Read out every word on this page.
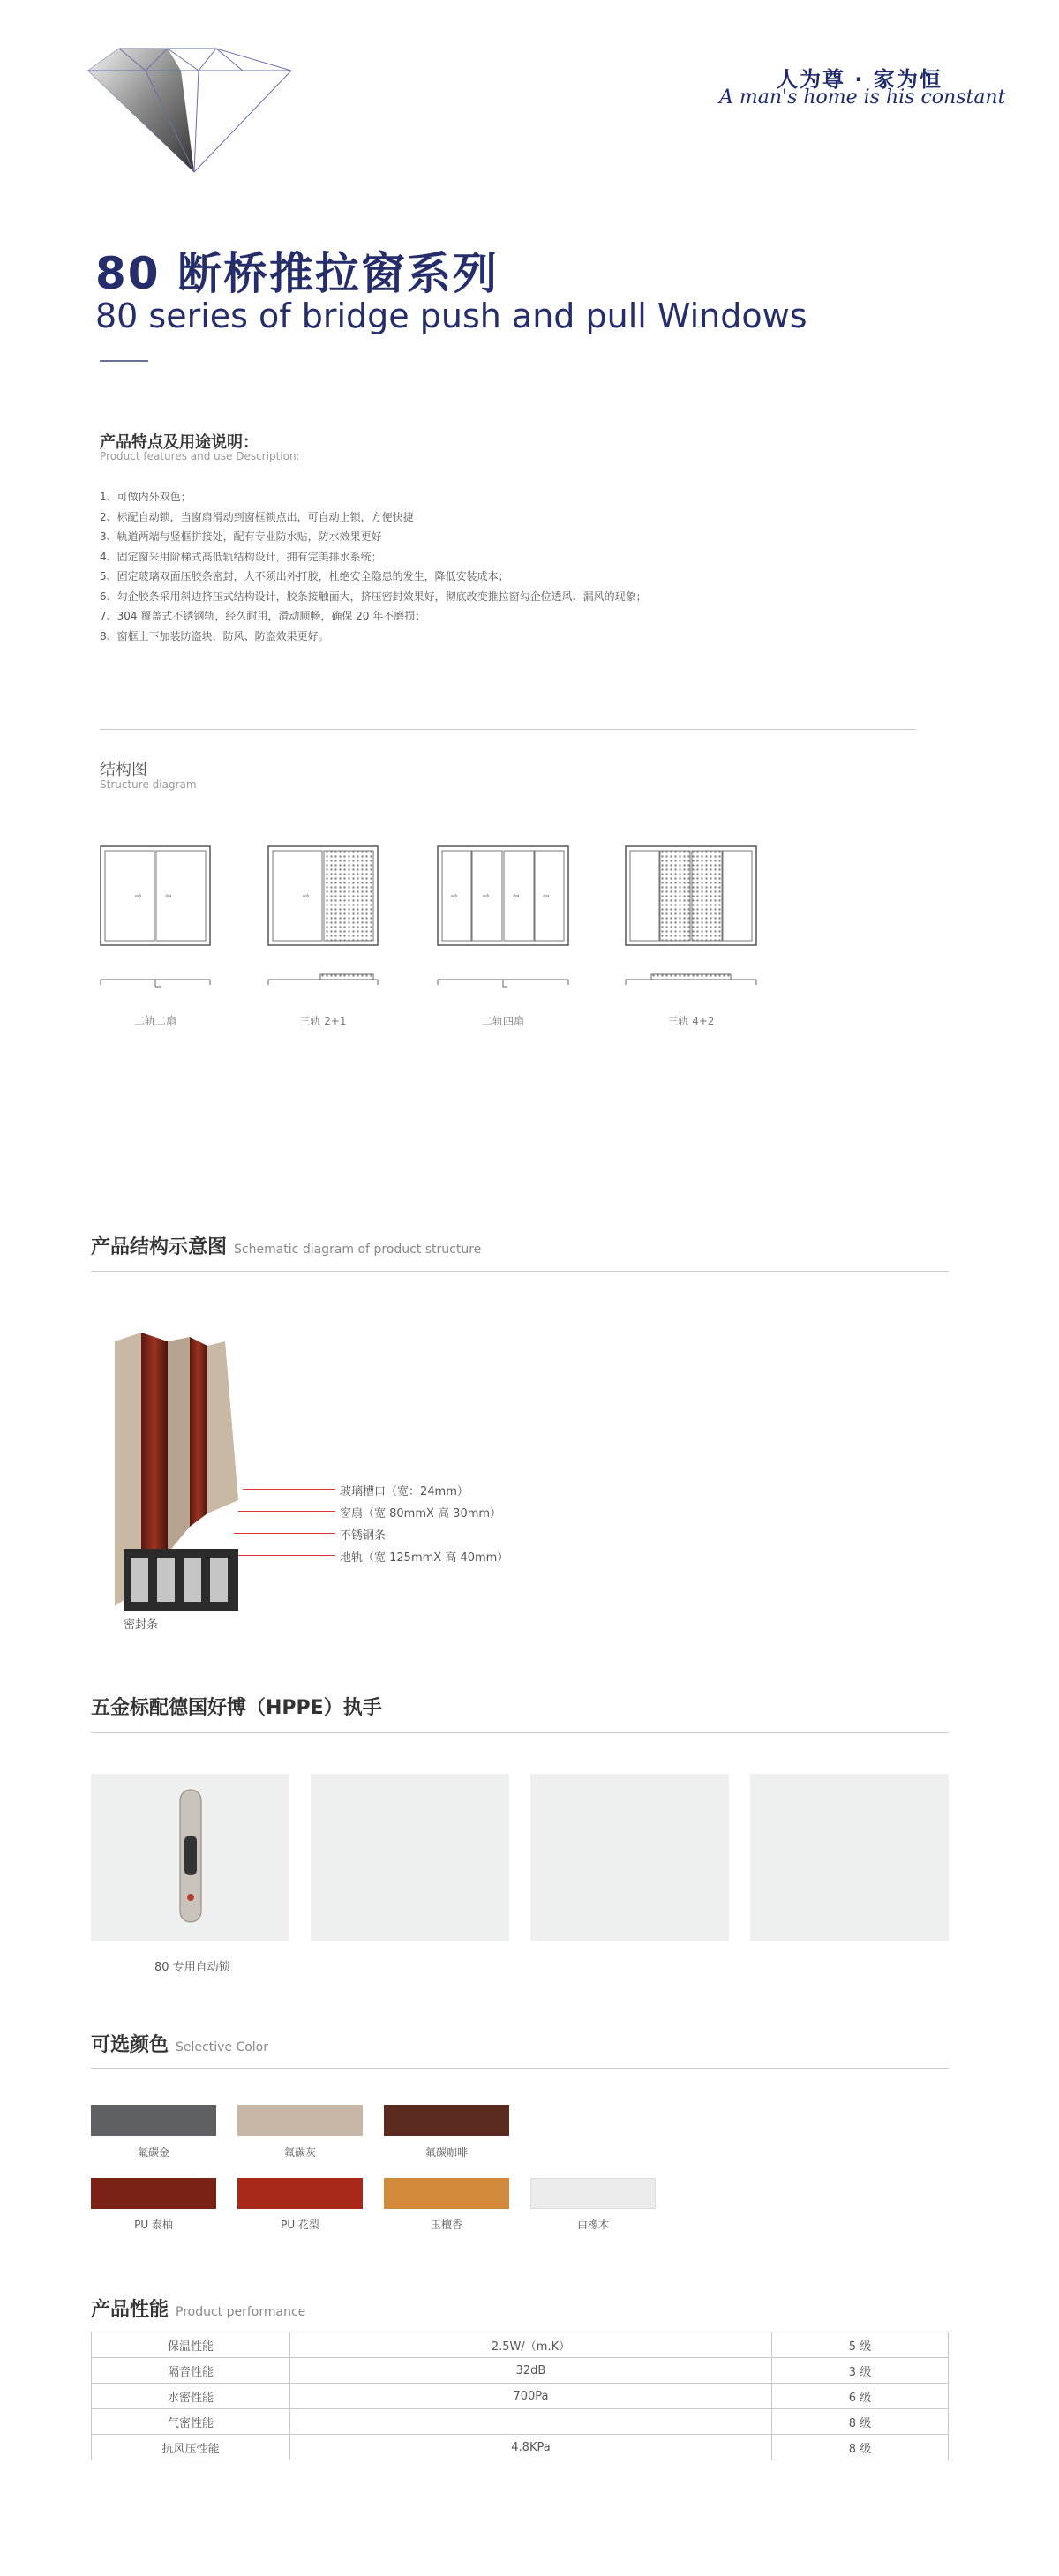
人为尊 · 家为恒
A man's home is his constant
80 断桥推拉窗系列
80 series of bridge push and pull Windows
产品特点及用途说明：
Product features and use Description:
1、可做内外双色；
2、标配自动锁，当窗扇滑动到窗框锁点出，可自动上锁，方便快捷
3、轨道两端与竖框拼接处，配有专业防水贴，防水效果更好
4、固定窗采用阶梯式高低轨结构设计，拥有完美排水系统；
5、固定玻璃双面压胶条密封，人不须出外打胶，杜绝安全隐患的发生，降低安装成本；
6、勾企胶条采用斜边挤压式结构设计，胶条接触面大，挤压密封效果好，彻底改变推拉窗勾企位透风、漏风的现象；
7、304 覆盖式不锈钢轨，经久耐用，滑动顺畅，确保 20 年不磨损；
8、窗框上下加装防盗块，防风、防盗效果更好。
结构图
Structure diagram
⇨	⇦	⇨	⇨	⇨	⇦	⇦
二轨二扇	三轨 2+1	二轨四扇	三轨 4+2
产品结构示意图 Schematic diagram of product structure
玻璃槽口（宽：24mm）
窗扇（宽 80mmX 高 30mm）
不锈钢条
地轨（宽 125mmX 高 40mm）
密封条
五金标配德国好博（HPPE）执手
80 专用自动锁
可选颜色 Selective Color
氟碳金	氟碳灰	氟碳咖啡
PU 泰柚	PU 花梨	玉檀香	白橡木
产品性能 Product performance
保温性能	2.5W/（m.K）	5 级
隔音性能	32dB	3 级
水密性能	700Pa	6 级
气密性能		8 级
抗风压性能	4.8KPa	8 级
